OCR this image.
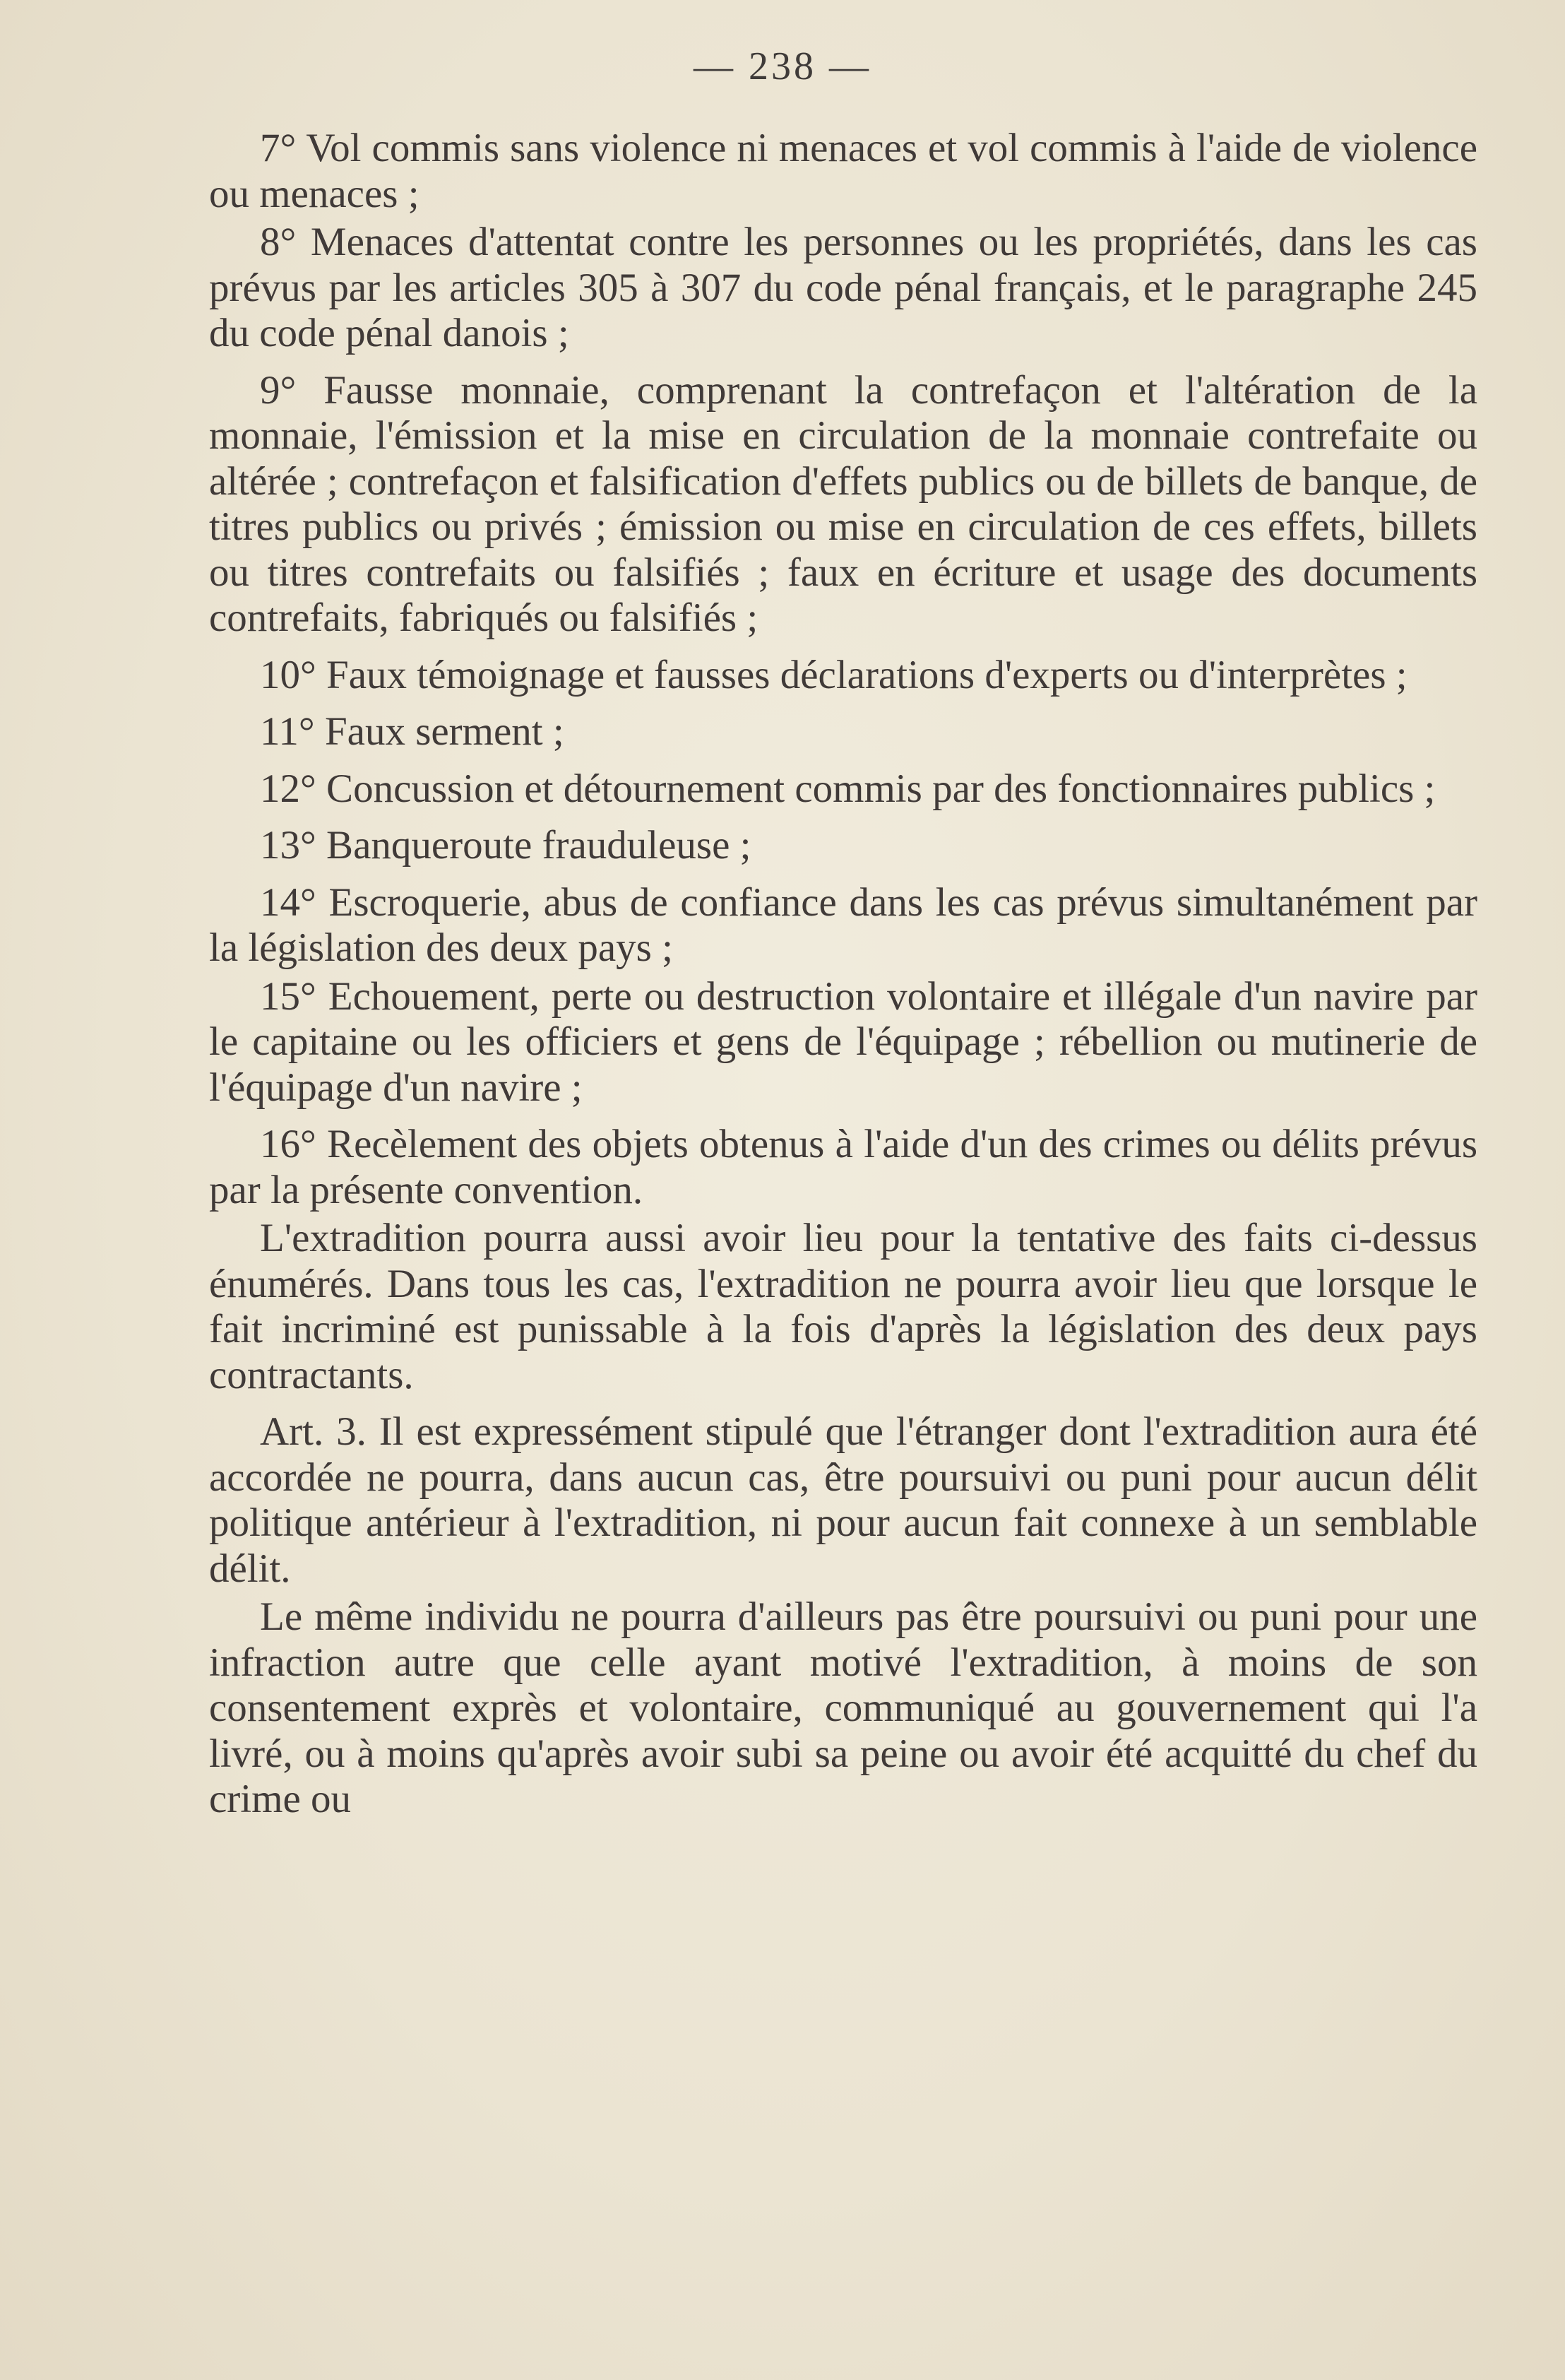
— 238 —

7° Vol commis sans violence ni menaces et vol commis à l'aide de violence ou menaces ;

8° Menaces d'attentat contre les personnes ou les propriétés, dans les cas prévus par les articles 305 à 307 du code pénal français, et le paragraphe 245 du code pénal danois ;

9° Fausse monnaie, comprenant la contrefaçon et l'altération de la monnaie, l'émission et la mise en circulation de la monnaie contrefaite ou altérée ; contrefaçon et falsification d'effets publics ou de billets de banque, de titres publics ou privés ; émission ou mise en circulation de ces effets, billets ou titres contrefaits ou falsifiés ; faux en écriture et usage des documents contrefaits, fabriqués ou falsifiés ;

10° Faux témoignage et fausses déclarations d'experts ou d'interprètes ;

11° Faux serment ;

12° Concussion et détournement commis par des fonctionnaires publics ;

13° Banqueroute frauduleuse ;

14° Escroquerie, abus de confiance dans les cas prévus simultanément par la législation des deux pays ;

15° Echouement, perte ou destruction volontaire et illégale d'un navire par le capitaine ou les officiers et gens de l'équipage ; rébellion ou mutinerie de l'équipage d'un navire ;

16° Recèlement des objets obtenus à l'aide d'un des crimes ou délits prévus par la présente convention.

L'extradition pourra aussi avoir lieu pour la tentative des faits ci-dessus énumérés. Dans tous les cas, l'extradition ne pourra avoir lieu que lorsque le fait incriminé est punissable à la fois d'après la législation des deux pays contractants.

Art. 3. Il est expressément stipulé que l'étranger dont l'extradition aura été accordée ne pourra, dans aucun cas, être poursuivi ou puni pour aucun délit politique antérieur à l'extradition, ni pour aucun fait connexe à un semblable délit.

Le même individu ne pourra d'ailleurs pas être poursuivi ou puni pour une infraction autre que celle ayant motivé l'extradition, à moins de son consentement exprès et volontaire, communiqué au gouvernement qui l'a livré, ou à moins qu'après avoir subi sa peine ou avoir été acquitté du chef du crime ou
